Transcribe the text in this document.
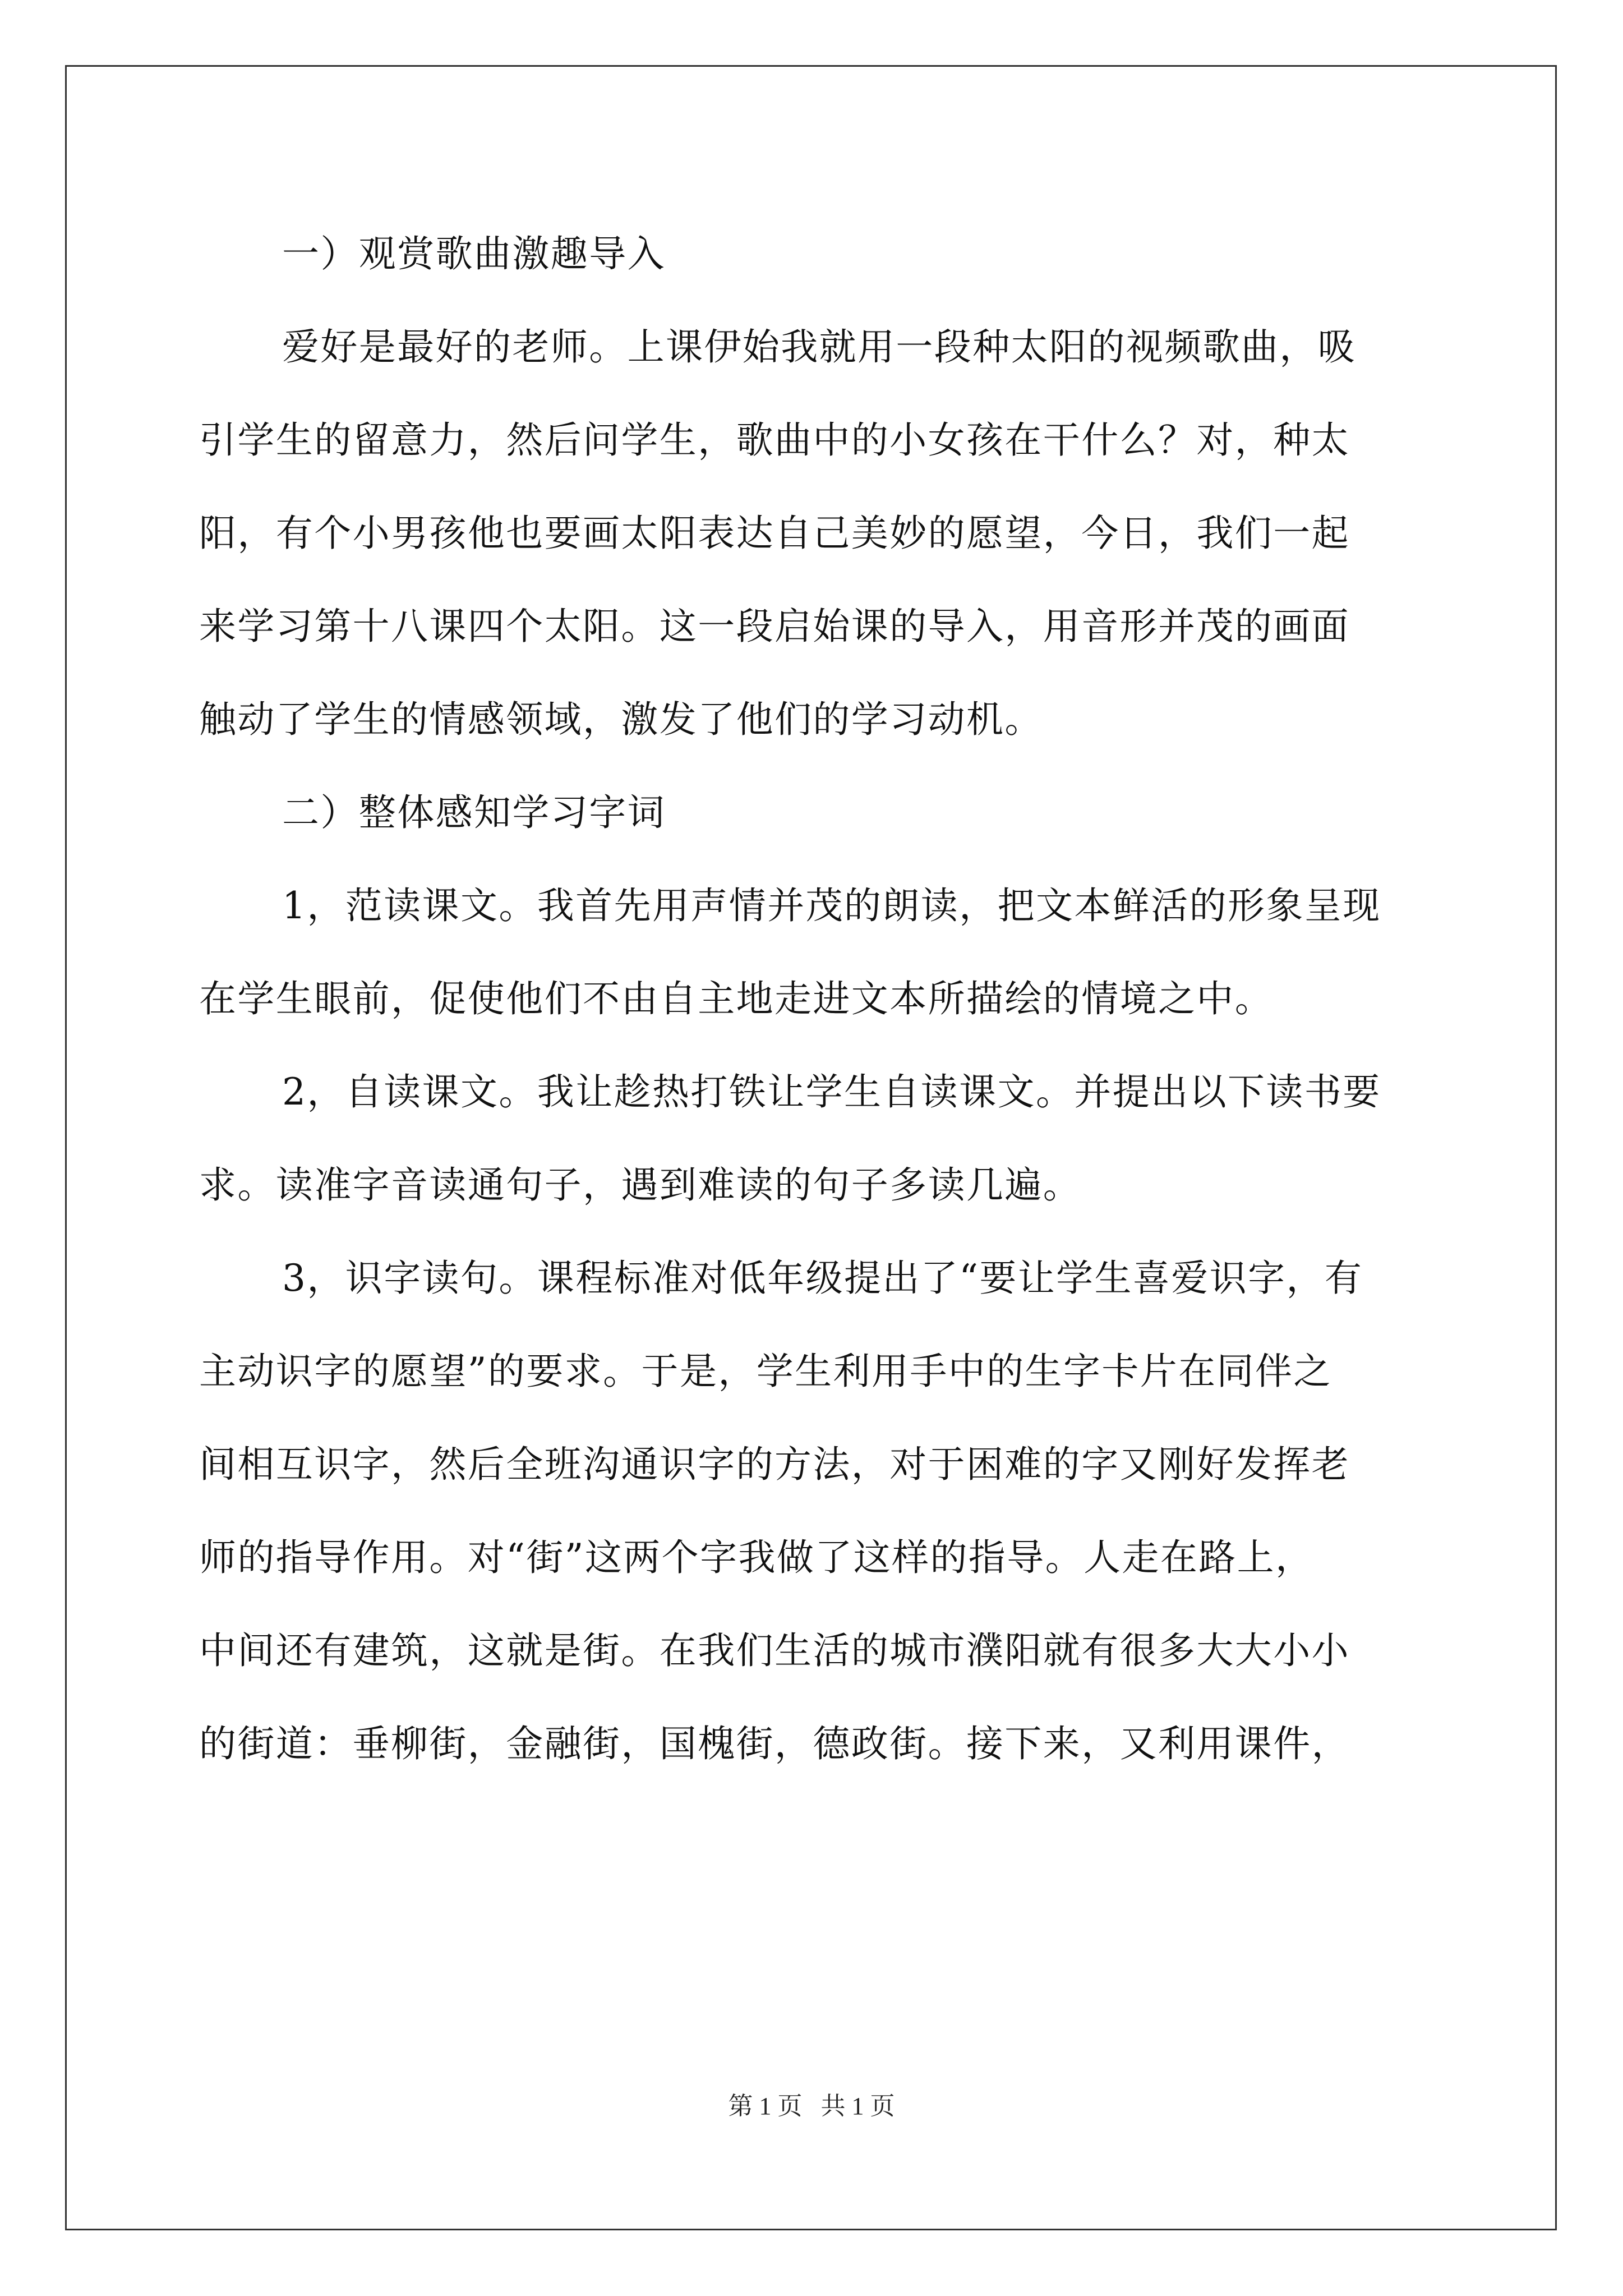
一）观赏歌曲激趣导入
爱好是最好的老师。上课伊始我就用一段种太阳的视频歌曲，吸
引学生的留意力，然后问学生，歌曲中的小女孩在干什么？对，种太
阳，有个小男孩他也要画太阳表达自己美妙的愿望，今日，我们一起
来学习第十八课四个太阳。这一段启始课的导入，用音形并茂的画面
触动了学生的情感领域，激发了他们的学习动机。
二）整体感知学习字词
1，范读课文。我首先用声情并茂的朗读，把文本鲜活的形象呈现
在学生眼前，促使他们不由自主地走进文本所描绘的情境之中。
2，自读课文。我让趁热打铁让学生自读课文。并提出以下读书要
求。读准字音读通句子，遇到难读的句子多读几遍。
3，识字读句。课程标准对低年级提出了“要让学生喜爱识字，有
主动识字的愿望”的要求。于是，学生利用手中的生字卡片在同伴之
间相互识字，然后全班沟通识字的方法，对于困难的字又刚好发挥老
师的指导作用。对“街”这两个字我做了这样的指导。人走在路上，
中间还有建筑，这就是街。在我们生活的城市濮阳就有很多大大小小
的街道：垂柳街，金融街，国槐街，德政街。接下来，又利用课件，
第 1 页 共 1 页
